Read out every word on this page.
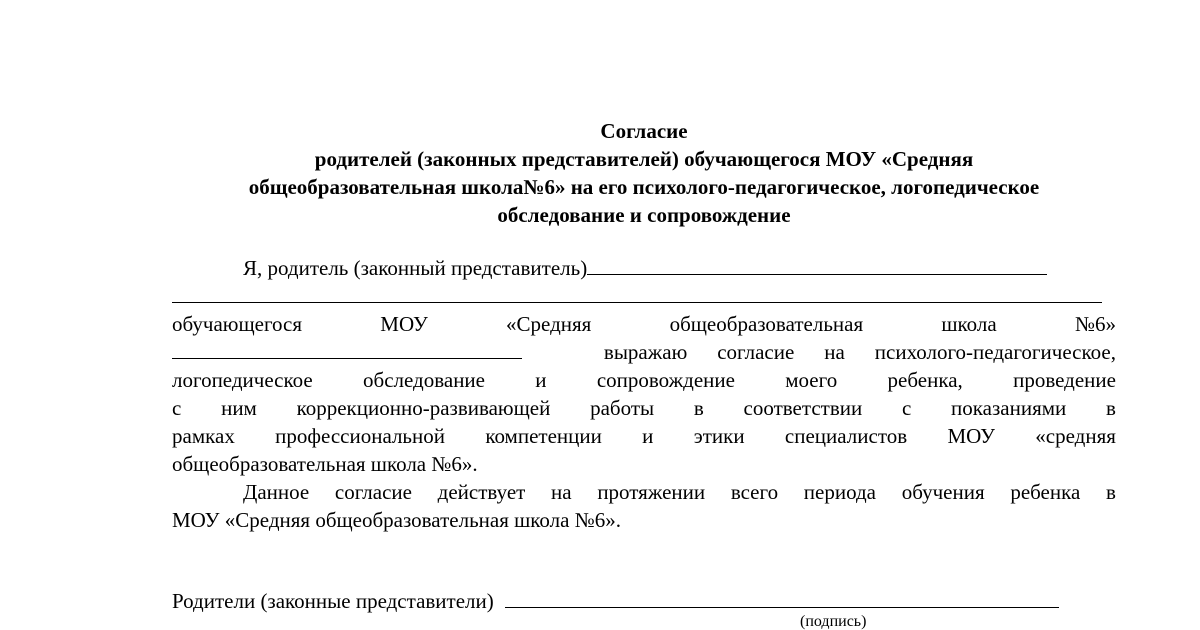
Согласие
родителей (законных представителей) обучающегося МОУ «Средняя
общеобразовательная школа№6» на его психолого-педагогическое, логопедическое
обследование и сопровождение
Я, родитель (законный представитель)
обучающегося	МОУ	«Средняя	общеобразовательная	школа	№6»
выражаю согласие на психолого-педагогическое,
логопедическое обследование и сопровождение моего ребенка, проведение
с ним коррекционно-развивающей работы в соответствии с показаниями в
рамках профессиональной компетенции и этики специалистов МОУ «средняя
общеобразовательная школа №6».
Данное согласие действует на протяжении всего периода обучения ребенка в
МОУ «Средняя общеобразовательная школа №6».
Родители (законные представители)
(подпись)
